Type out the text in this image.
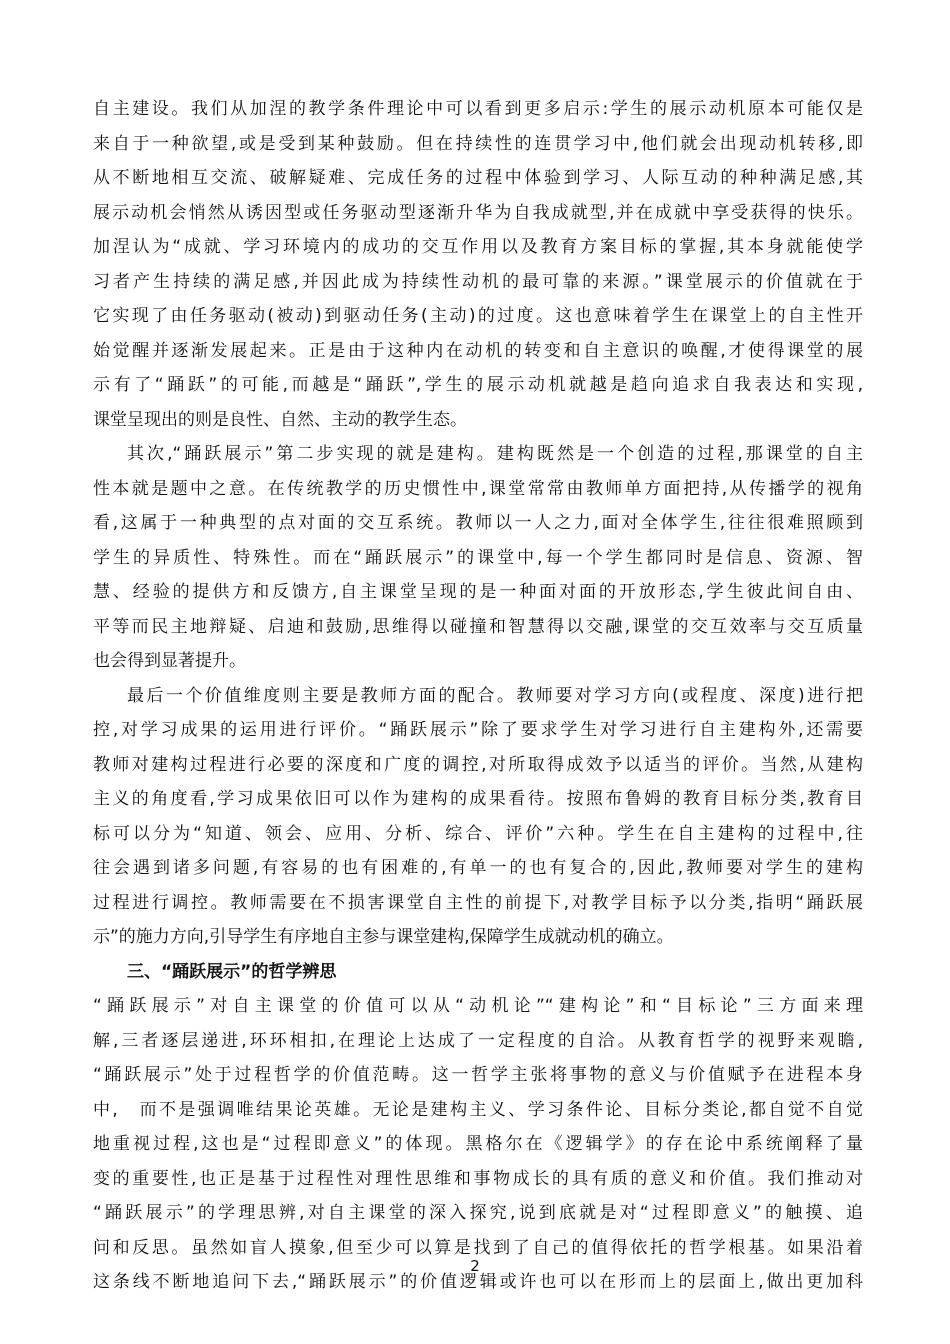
自主建设。我们从加涅的教学条件理论中可以看到更多启示:学生的展示动机原本可能仅是
来自于一种欲望,或是受到某种鼓励。但在持续性的连贯学习中,他们就会出现动机转移,即
从不断地相互交流、破解疑难、完成任务的过程中体验到学习、人际互动的种种满足感,其
展示动机会悄然从诱因型或任务驱动型逐渐升华为自我成就型,并在成就中享受获得的快乐。
加涅认为“成就、学习环境内的成功的交互作用以及教育方案目标的掌握,其本身就能使学
习者产生持续的满足感,并因此成为持续性动机的最可靠的来源。”课堂展示的价值就在于
它实现了由任务驱动(被动)到驱动任务(主动)的过度。这也意味着学生在课堂上的自主性开
始觉醒并逐渐发展起来。正是由于这种内在动机的转变和自主意识的唤醒,才使得课堂的展
示有了“踊跃”的可能,而越是“踊跃”,学生的展示动机就越是趋向追求自我表达和实现,
课堂呈现出的则是良性、自然、主动的教学生态。
其次,“踊跃展示”第二步实现的就是建构。建构既然是一个创造的过程,那课堂的自主
性本就是题中之意。在传统教学的历史惯性中,课堂常常由教师单方面把持,从传播学的视角
看,这属于一种典型的点对面的交互系统。教师以一人之力,面对全体学生,往往很难照顾到
学生的异质性、特殊性。而在“踊跃展示”的课堂中,每一个学生都同时是信息、资源、智
慧、经验的提供方和反馈方,自主课堂呈现的是一种面对面的开放形态,学生彼此间自由、
平等而民主地辩疑、启迪和鼓励,思维得以碰撞和智慧得以交融,课堂的交互效率与交互质量
也会得到显著提升。
最后一个价值维度则主要是教师方面的配合。教师要对学习方向(或程度、深度)进行把
控,对学习成果的运用进行评价。“踊跃展示”除了要求学生对学习进行自主建构外,还需要
教师对建构过程进行必要的深度和广度的调控,对所取得成效予以适当的评价。当然,从建构
主义的角度看,学习成果依旧可以作为建构的成果看待。按照布鲁姆的教育目标分类,教育目
标可以分为“知道、领会、应用、分析、综合、评价”六种。学生在自主建构的过程中,往
往会遇到诸多问题,有容易的也有困难的,有单一的也有复合的,因此,教师要对学生的建构
过程进行调控。教师需要在不损害课堂自主性的前提下,对教学目标予以分类,指明“踊跃展
示”的施力方向,引导学生有序地自主参与课堂建构,保障学生成就动机的确立。
三、“踊跃展示”的哲学辨思
“踊跃展示”对自主课堂的价值可以从“动机论”“建构论”和“目标论”三方面来理
解,三者逐层递进,环环相扣,在理论上达成了一定程度的自洽。从教育哲学的视野来观瞻,
“踊跃展示”处于过程哲学的价值范畴。这一哲学主张将事物的意义与价值赋予在进程本身
中,　而不是强调唯结果论英雄。无论是建构主义、学习条件论、目标分类论,都自觉不自觉
地重视过程,这也是“过程即意义”的体现。黑格尔在《逻辑学》的存在论中系统阐释了量
变的重要性,也正是基于过程性对理性思维和事物成长的具有质的意义和价值。我们推动对
“踊跃展示”的学理思辨,对自主课堂的深入探究,说到底就是对“过程即意义”的触摸、追
问和反思。虽然如盲人摸象,但至少可以算是找到了自己的值得依托的哲学根基。如果沿着
这条线不断地追问下去,“踊跃展示”的价值逻辑或许也可以在形而上的层面上,做出更加科
2
